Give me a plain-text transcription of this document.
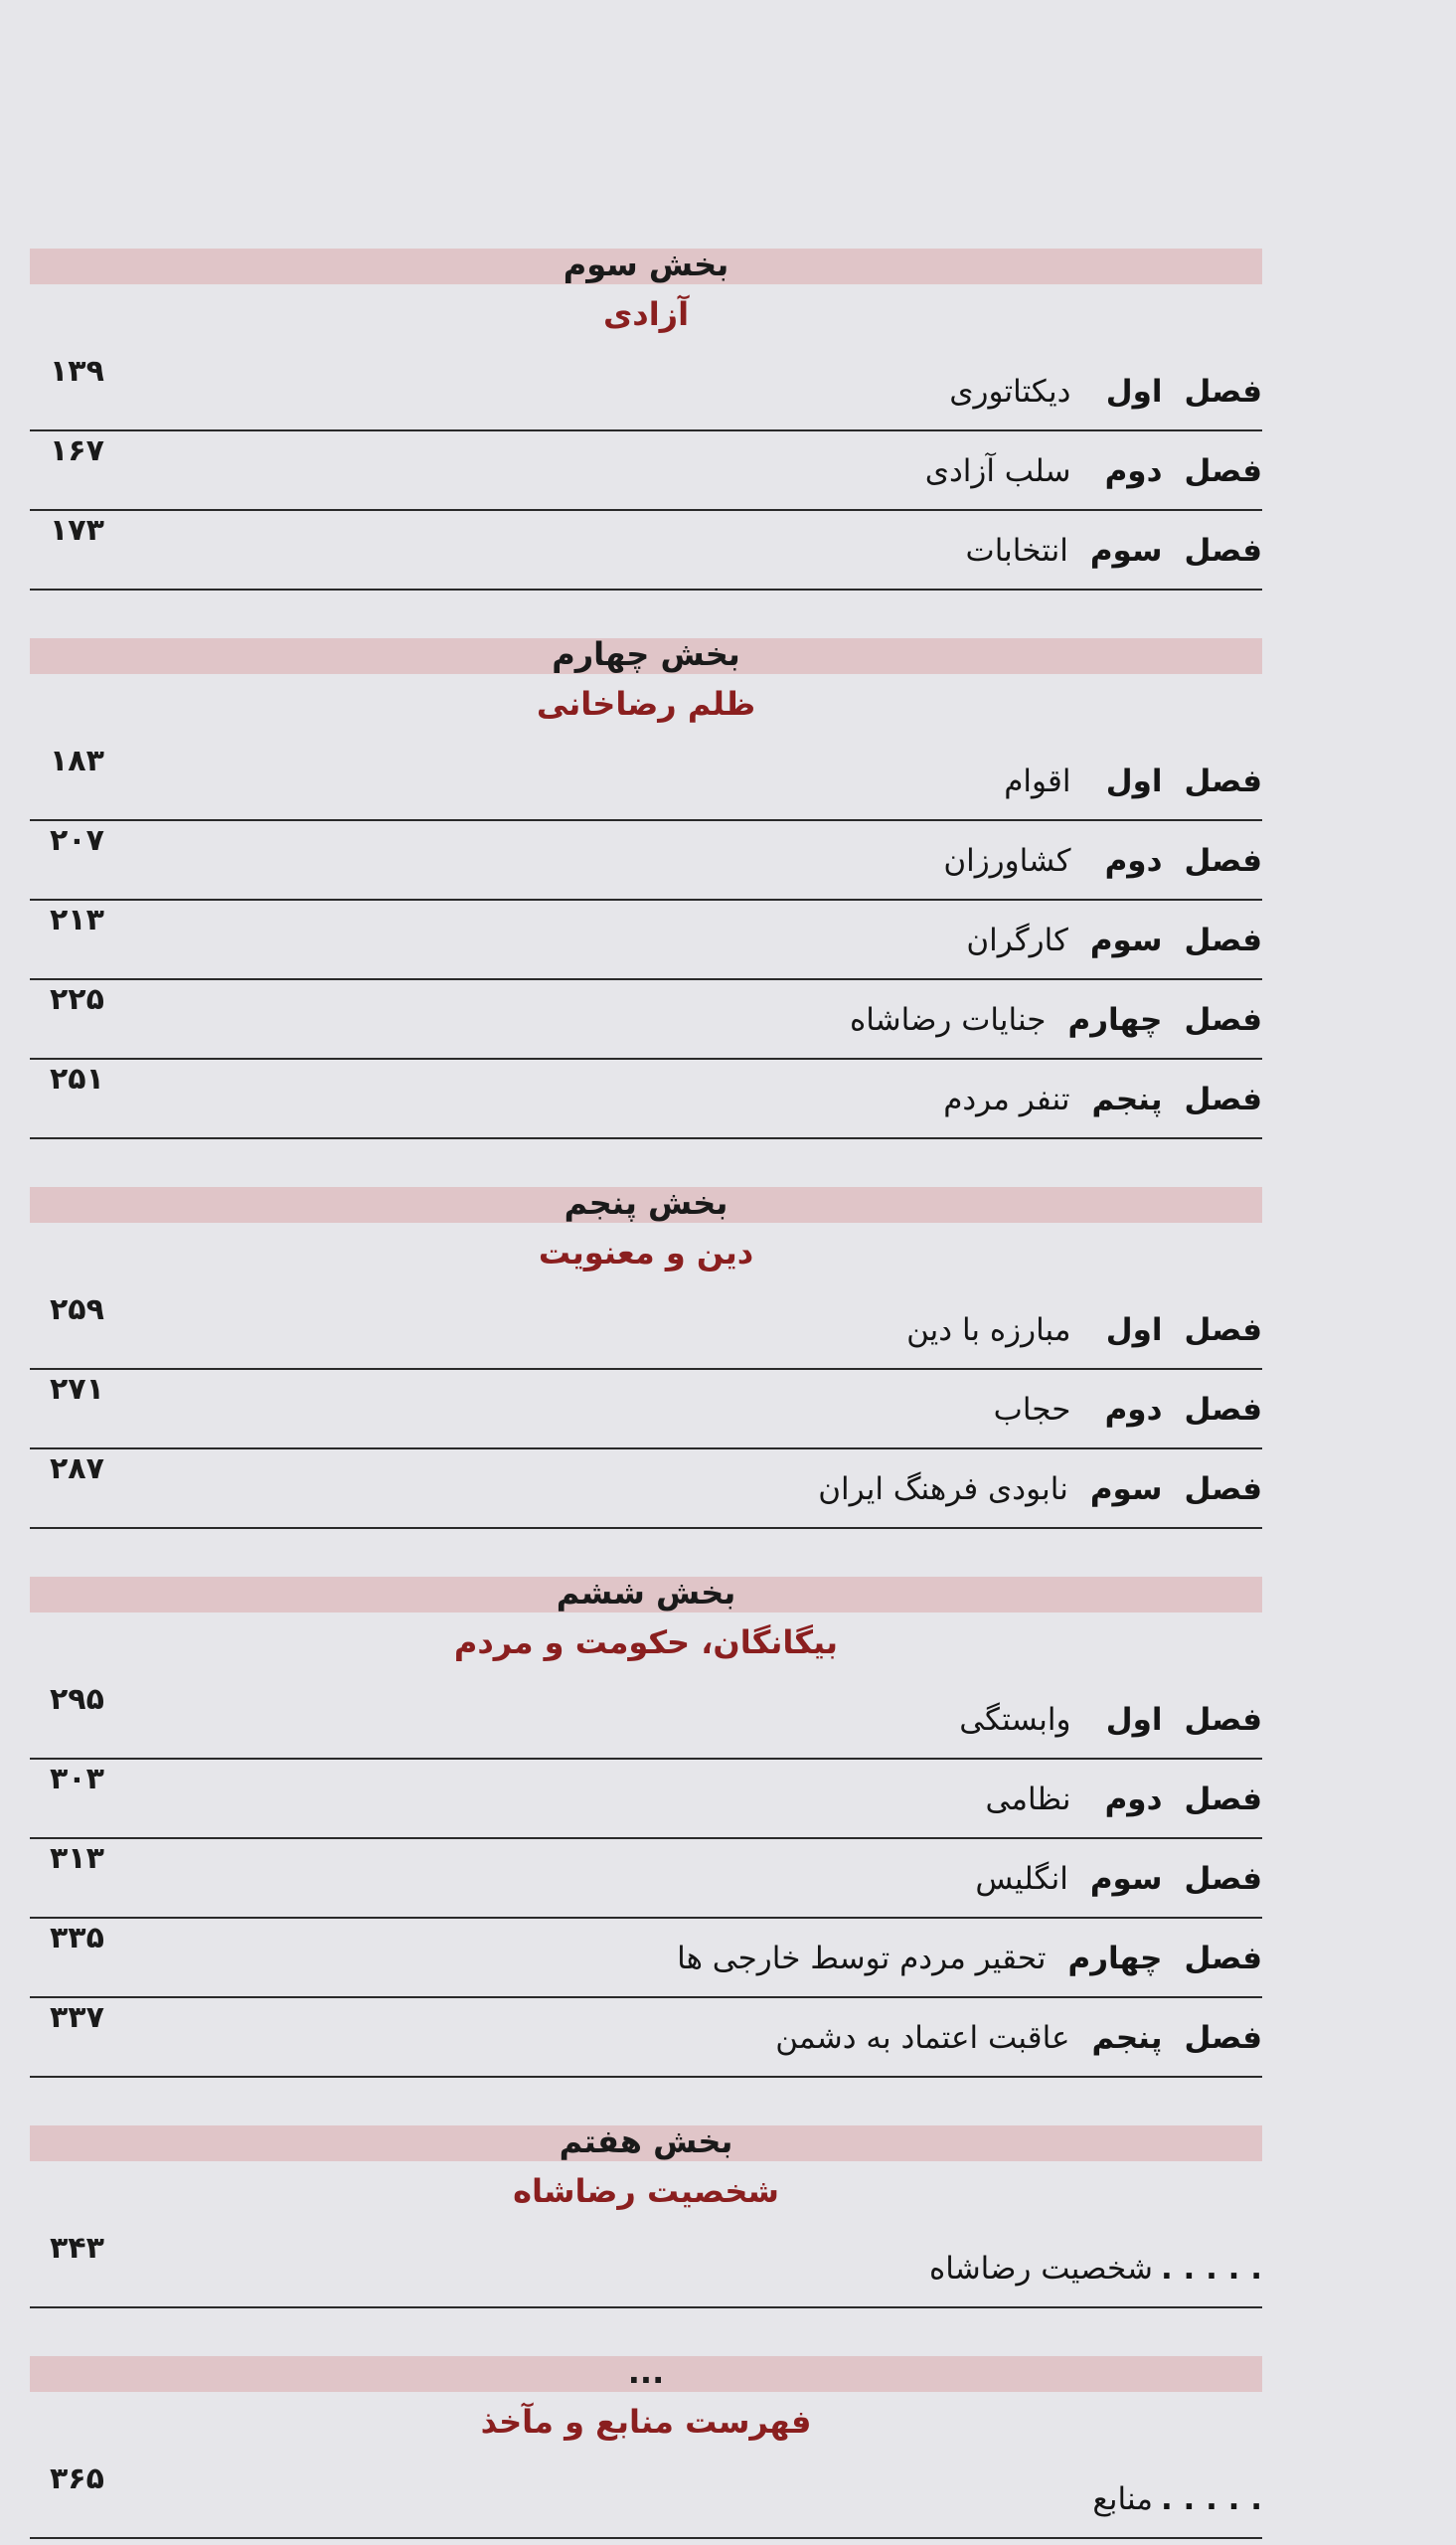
بخش سوم
آزادی
فصلاولدیکتاتوری
۱۳۹
فصلدومسلب آزادی
۱۶۷
فصلسومانتخابات
۱۷۳
بخش چهارم
ظلم رضاخانی
فصلاولاقوام
۱۸۳
فصلدومکشاورزان
۲۰۷
فصلسومکارگران
۲۱۳
فصلچهارمجنایات رضاشاه
۲۲۵
فصلپنجمتنفر مردم
۲۵۱
بخش پنجم
دین و معنویت
فصلاولمبارزه با دین
۲۵۹
فصلدومحجاب
۲۷۱
فصلسومنابودی فرهنگ ایران
۲۸۷
بخش ششم
بیگانگان، حکومت و مردم
فصلاولوابستگی
۲۹۵
فصلدومنظامی
۳۰۳
فصلسومانگلیس
۳۱۳
فصلچهارمتحقیر مردم توسط خارجی ها
۳۳۵
فصلپنجمعاقبت اعتماد به دشمن
۳۳۷
بخش هفتم
شخصیت رضاشاه
. . . . .شخصیت رضاشاه
۳۴۳
...
فهرست منابع و مآخذ
. . . . .منابع
۳۶۵
